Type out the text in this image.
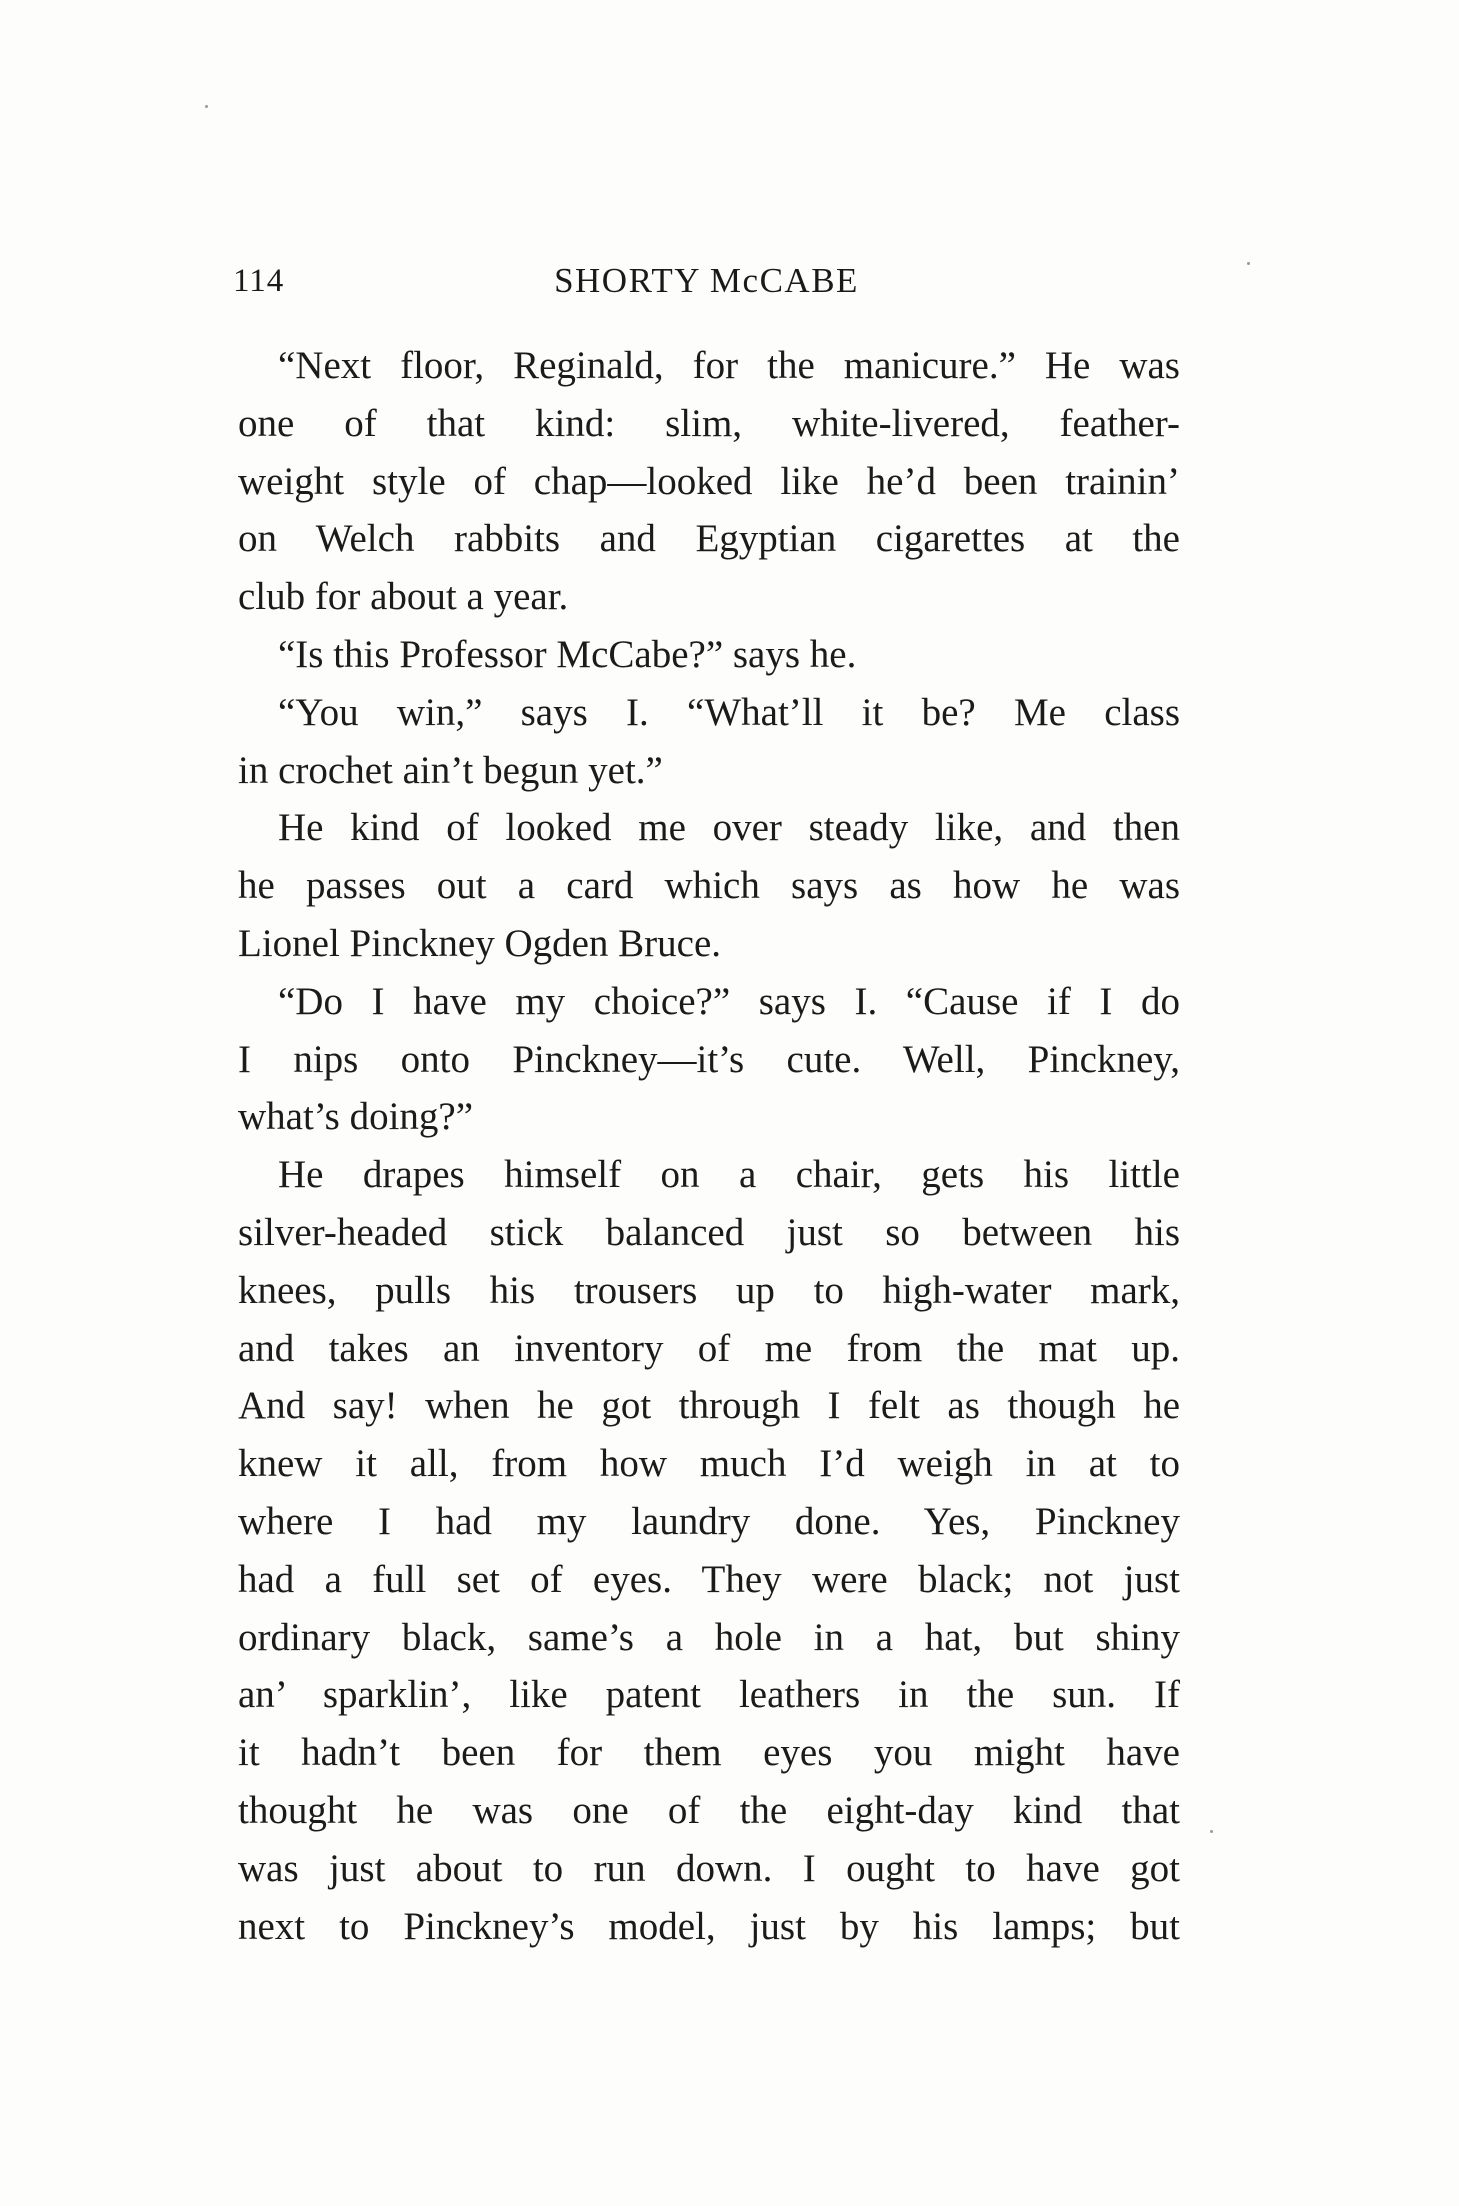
114	SHORTY McCABE
“Next floor, Reginald, for the manicure.” He was
one of that kind: slim, white-livered, feather-
weight style of chap—looked like he’d been trainin’
on Welch rabbits and Egyptian cigarettes at the
club for about a year.
“Is this Professor McCabe?” says he.
“You win,” says I. “What’ll it be? Me class
in crochet ain’t begun yet.”
He kind of looked me over steady like, and then
he passes out a card which says as how he was
Lionel Pinckney Ogden Bruce.
“Do I have my choice?” says I. “Cause if I do
I nips onto Pinckney—it’s cute. Well, Pinckney,
what’s doing?”
He drapes himself on a chair, gets his little
silver-headed stick balanced just so between his
knees, pulls his trousers up to high-water mark,
and takes an inventory of me from the mat up.
And say! when he got through I felt as though he
knew it all, from how much I’d weigh in at to
where I had my laundry done. Yes, Pinckney
had a full set of eyes. They were black; not just
ordinary black, same’s a hole in a hat, but shiny
an’ sparklin’, like patent leathers in the sun. If
it hadn’t been for them eyes you might have
thought he was one of the eight-day kind that
was just about to run down. I ought to have got
next to Pinckney’s model, just by his lamps; but
